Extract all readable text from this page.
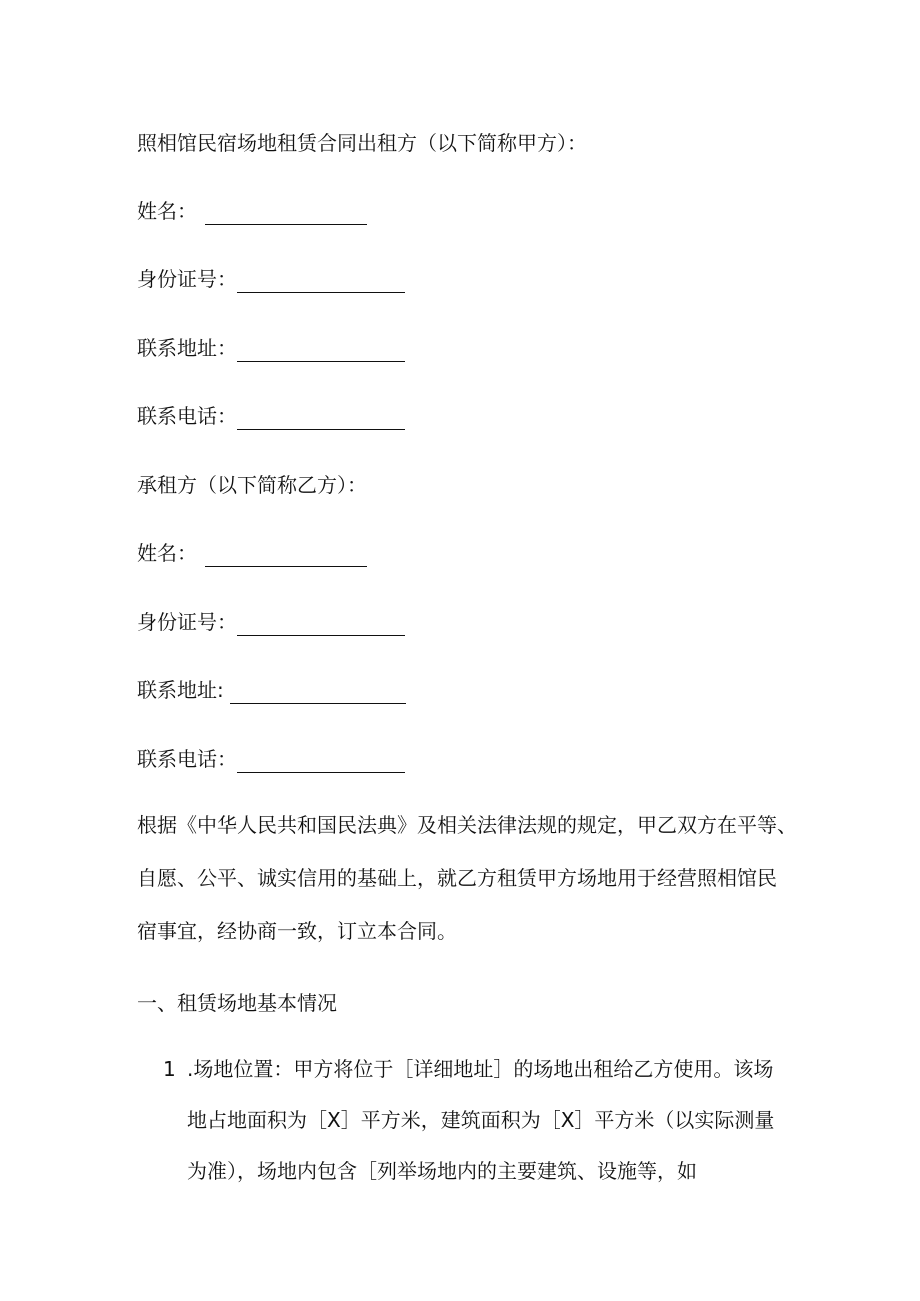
照相馆民宿场地租赁合同出租方（以下简称甲方）：
姓名：
身份证号：
联系地址：
联系电话：
承租方（以下简称乙方）：
姓名：
身份证号：
联系地址:
联系电话：
根据《中华人民共和国民法典》及相关法律法规的规定，甲乙双方在平等、
自愿、公平、诚实信用的基础上，就乙方租赁甲方场地用于经营照相馆民
宿事宜，经协商一致，订立本合同。
一、租赁场地基本情况
1 .场地位置：甲方将位于［详细地址］的场地出租给乙方使用。该场
地占地面积为［X］平方米，建筑面积为［X］平方米（以实际测量
为准），场地内包含［列举场地内的主要建筑、设施等，如
